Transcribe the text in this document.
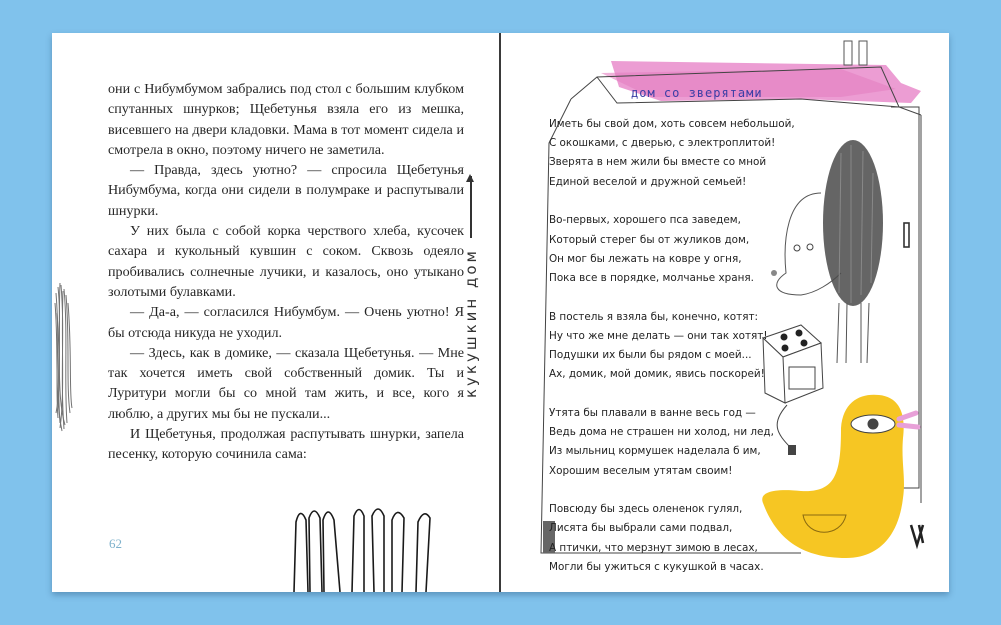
они с Нибумбумом забрались под стол с большим клубком спутанных шнурков; Щебетунья взяла его из мешка, висевшего на двери кладовки. Мама в тот момент сидела и смотрела в окно, поэтому ничего не заметила.

— Правда, здесь уютно? — спросила Щебетунья Нибумбума, когда они сидели в полумраке и распутывали шнурки.

У них была с собой корка черствого хлеба, кусочек сахара и кукольный кувшин с соком. Сквозь одеяло пробивались солнечные лучики, и казалось, оно утыкано золотыми булавками.

— Да-а, — согласился Нибумбум. — Очень уютно! Я бы отсюда никуда не уходил.

— Здесь, как в домике, — сказала Щебетунья. — Мне так хочется иметь свой собственный домик. Ты и Луритури могли бы со мной там жить, и все, кого я люблю, а других мы бы не пускали...

И Щебетунья, продолжая распутывать шнурки, запела песенку, которую сочинила сама:

кукушкин дом
62
дом со зверятами
Иметь бы свой дом, хоть совсем небольшой,
С окошками, с дверью, с электроплитой!
Зверята в нем жили бы вместе со мной
Единой веселой и дружной семьей!
Во-первых, хорошего пса заведем,
Который стерег бы от жуликов дом,
Он мог бы лежать на ковре у огня,
Пока все в порядке, молчанье храня.
В постель я взяла бы, конечно, котят:
Ну что же мне делать — они так хотят!
Подушки их были бы рядом с моей...
Ах, домик, мой домик, явись поскорей!
Утята бы плавали в ванне весь год —
Ведь дома не страшен ни холод, ни лед,
Из мыльниц кормушек наделала б им,
Хорошим веселым утятам своим!
Повсюду бы здесь олененок гулял,
Лисята бы выбрали сами подвал,
А птички, что мерзнут зимою в лесах,
Могли бы ужиться с кукушкой в часах.
